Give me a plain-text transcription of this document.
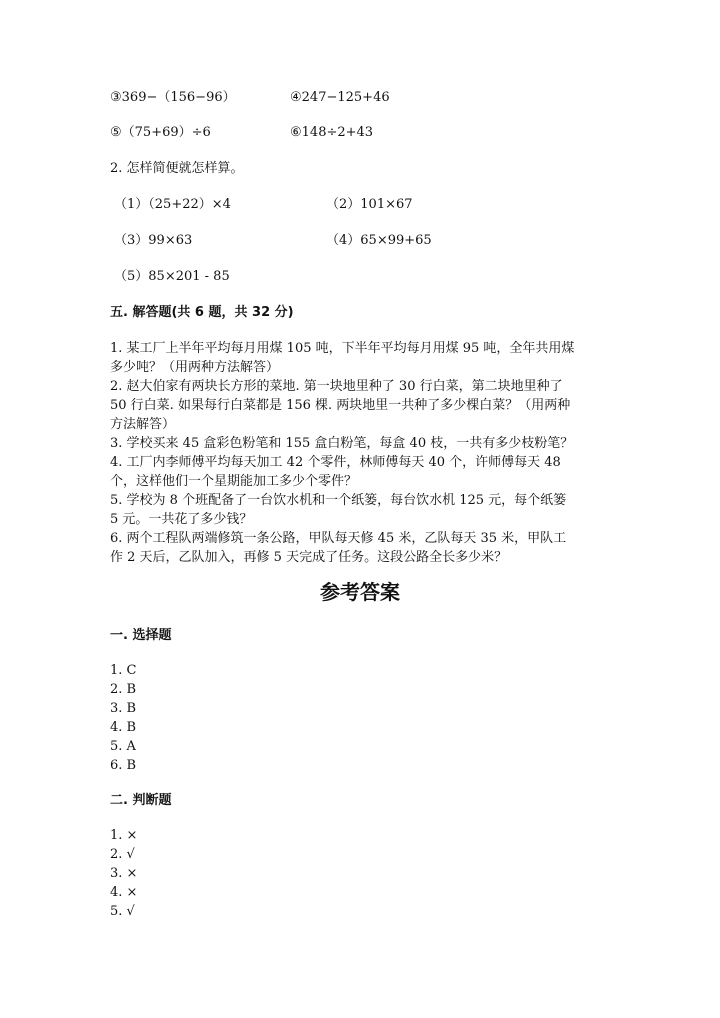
③369−（156−96）	④247−125+46
⑤（75+69）÷6	⑥148÷2+43
2. 怎样简便就怎样算。
（1）（25+22）×4	（2）101×67
（3）99×63	（4）65×99+65
（5）85×201 - 85
五. 解答题(共 6 题，共 32 分)
1. 某工厂上半年平均每月用煤 105 吨，下半年平均每月用煤 95 吨，全年共用煤
多少吨？（用两种方法解答）
2. 赵大伯家有两块长方形的菜地. 第一块地里种了 30 行白菜，第二块地里种了
50 行白菜. 如果每行白菜都是 156 棵. 两块地里一共种了多少棵白菜？（用两种
方法解答）
3. 学校买来 45 盒彩色粉笔和 155 盒白粉笔，每盒 40 枝，一共有多少枝粉笔？
4. 工厂内李师傅平均每天加工 42 个零件，林师傅每天 40 个，许师傅每天 48
个，这样他们一个星期能加工多少个零件？
5. 学校为 8 个班配备了一台饮水机和一个纸篓，每台饮水机 125 元，每个纸篓
5 元。一共花了多少钱？
6. 两个工程队两端修筑一条公路，甲队每天修 45 米，乙队每天 35 米，甲队工
作 2 天后，乙队加入，再修 5 天完成了任务。这段公路全长多少米？
参考答案
一. 选择题
1. C
2. B
3. B
4. B
5. A
6. B
二. 判断题
1. ×
2. √
3. ×
4. ×
5. √
